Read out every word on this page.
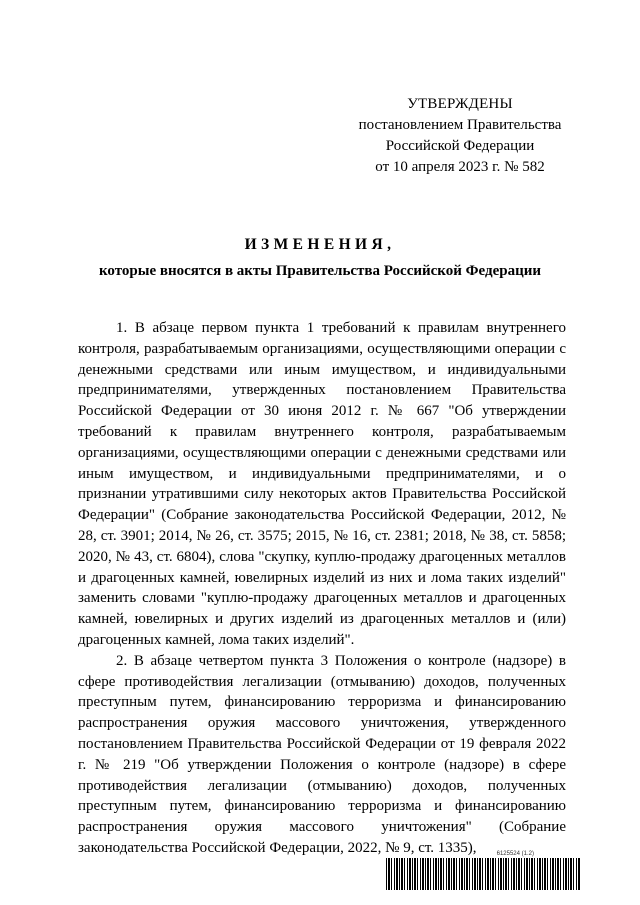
УТВЕРЖДЕНЫ
постановлением Правительства
Российской Федерации
от 10 апреля 2023 г. № 582
ИЗМЕНЕНИЯ,
которые вносятся в акты Правительства Российской Федерации

1. В абзаце первом пункта 1 требований к правилам внутреннего контроля, разрабатываемым организациями, осуществляющими операции с денежными средствами или иным имуществом, и индивидуальными предпринимателями, утвержденных постановлением Правительства Российской Федерации от 30 июня 2012 г. № 667 "Об утверждении требований к правилам внутреннего контроля, разрабатываемым организациями, осуществляющими операции с денежными средствами или иным имуществом, и индивидуальными предпринимателями, и о признании утратившими силу некоторых актов Правительства Российской Федерации" (Собрание законодательства Российской Федерации, 2012, № 28, ст. 3901; 2014, № 26, ст. 3575; 2015, № 16, ст. 2381; 2018, № 38, ст. 5858; 2020, № 43, ст. 6804), слова "скупку, куплю-продажу драгоценных металлов и драгоценных камней, ювелирных изделий из них и лома таких изделий" заменить словами "куплю-продажу драгоценных металлов и драгоценных камней, ювелирных и других изделий из драгоценных металлов и (или) драгоценных камней, лома таких изделий".

2. В абзаце четвертом пункта 3 Положения о контроле (надзоре) в сфере противодействия легализации (отмыванию) доходов, полученных преступным путем, финансированию терроризма и финансированию распространения оружия массового уничтожения, утвержденного постановлением Правительства Российской Федерации от 19 февраля 2022 г. № 219 "Об утверждении Положения о контроле (надзоре) в сфере противодействия легализации (отмыванию) доходов, полученных преступным путем, финансированию терроризма и финансированию распространения оружия массового уничтожения" (Собрание законодательства Российской Федерации, 2022, № 9, ст. 1335),	6125524 (1.2)
